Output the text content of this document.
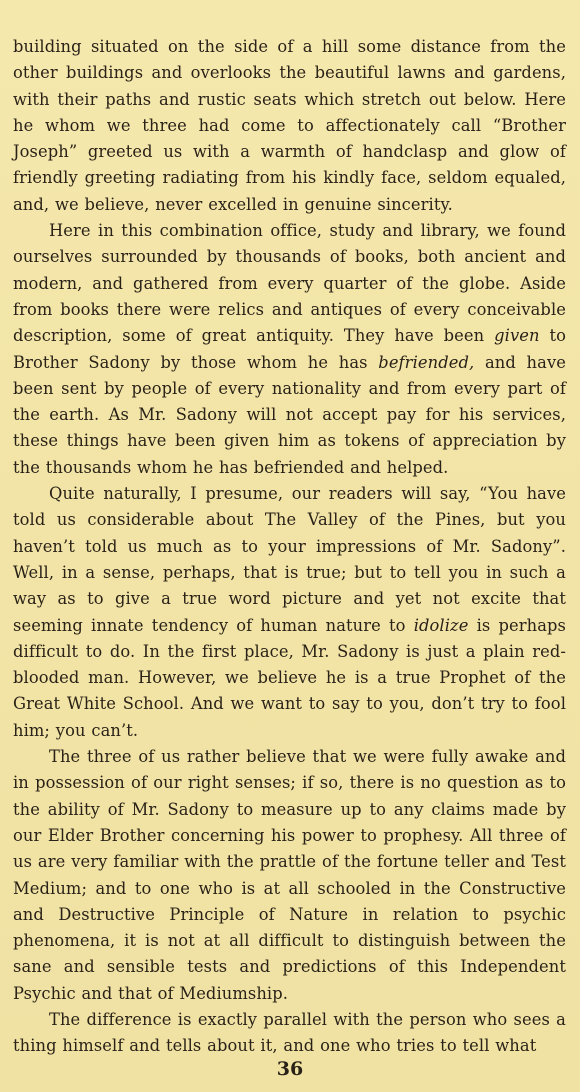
building situated on the side of a hill some distance from the other buildings and overlooks the beautiful lawns and gardens, with their paths and rustic seats which stretch out below. Here he whom we three had come to affectionately call “Brother Joseph” greeted us with a warmth of handclasp and glow of friendly greeting radiating from his kindly face, seldom equaled, and, we believe, never excelled in genuine sincerity.

Here in this combination office, study and library, we found ourselves surrounded by thousands of books, both ancient and modern, and gathered from every quarter of the globe. Aside from books there were relics and antiques of every conceivable description, some of great antiquity. They have been given to Brother Sadony by those whom he has befriended, and have been sent by people of every nationality and from every part of the earth. As Mr. Sadony will not accept pay for his services, these things have been given him as tokens of appreciation by the thousands whom he has befriended and helped.

Quite naturally, I presume, our readers will say, “You have told us considerable about The Valley of the Pines, but you haven’t told us much as to your impressions of Mr. Sadony”. Well, in a sense, perhaps, that is true; but to tell you in such a way as to give a true word picture and yet not excite that seeming innate tendency of human nature to idolize is perhaps difficult to do. In the first place, Mr. Sadony is just a plain red-blooded man. However, we believe he is a true Prophet of the Great White School. And we want to say to you, don’t try to fool him; you can’t.

The three of us rather believe that we were fully awake and in possession of our right senses; if so, there is no question as to the ability of Mr. Sadony to measure up to any claims made by our Elder Brother concerning his power to prophesy. All three of us are very familiar with the prattle of the fortune teller and Test Medium; and to one who is at all schooled in the Constructive and Destructive Principle of Nature in relation to psychic phenomena, it is not at all difficult to distinguish between the sane and sensible tests and predictions of this Independent Psychic and that of Mediumship.

The difference is exactly parallel with the person who sees a thing himself and tells about it, and one who tries to tell what

36
